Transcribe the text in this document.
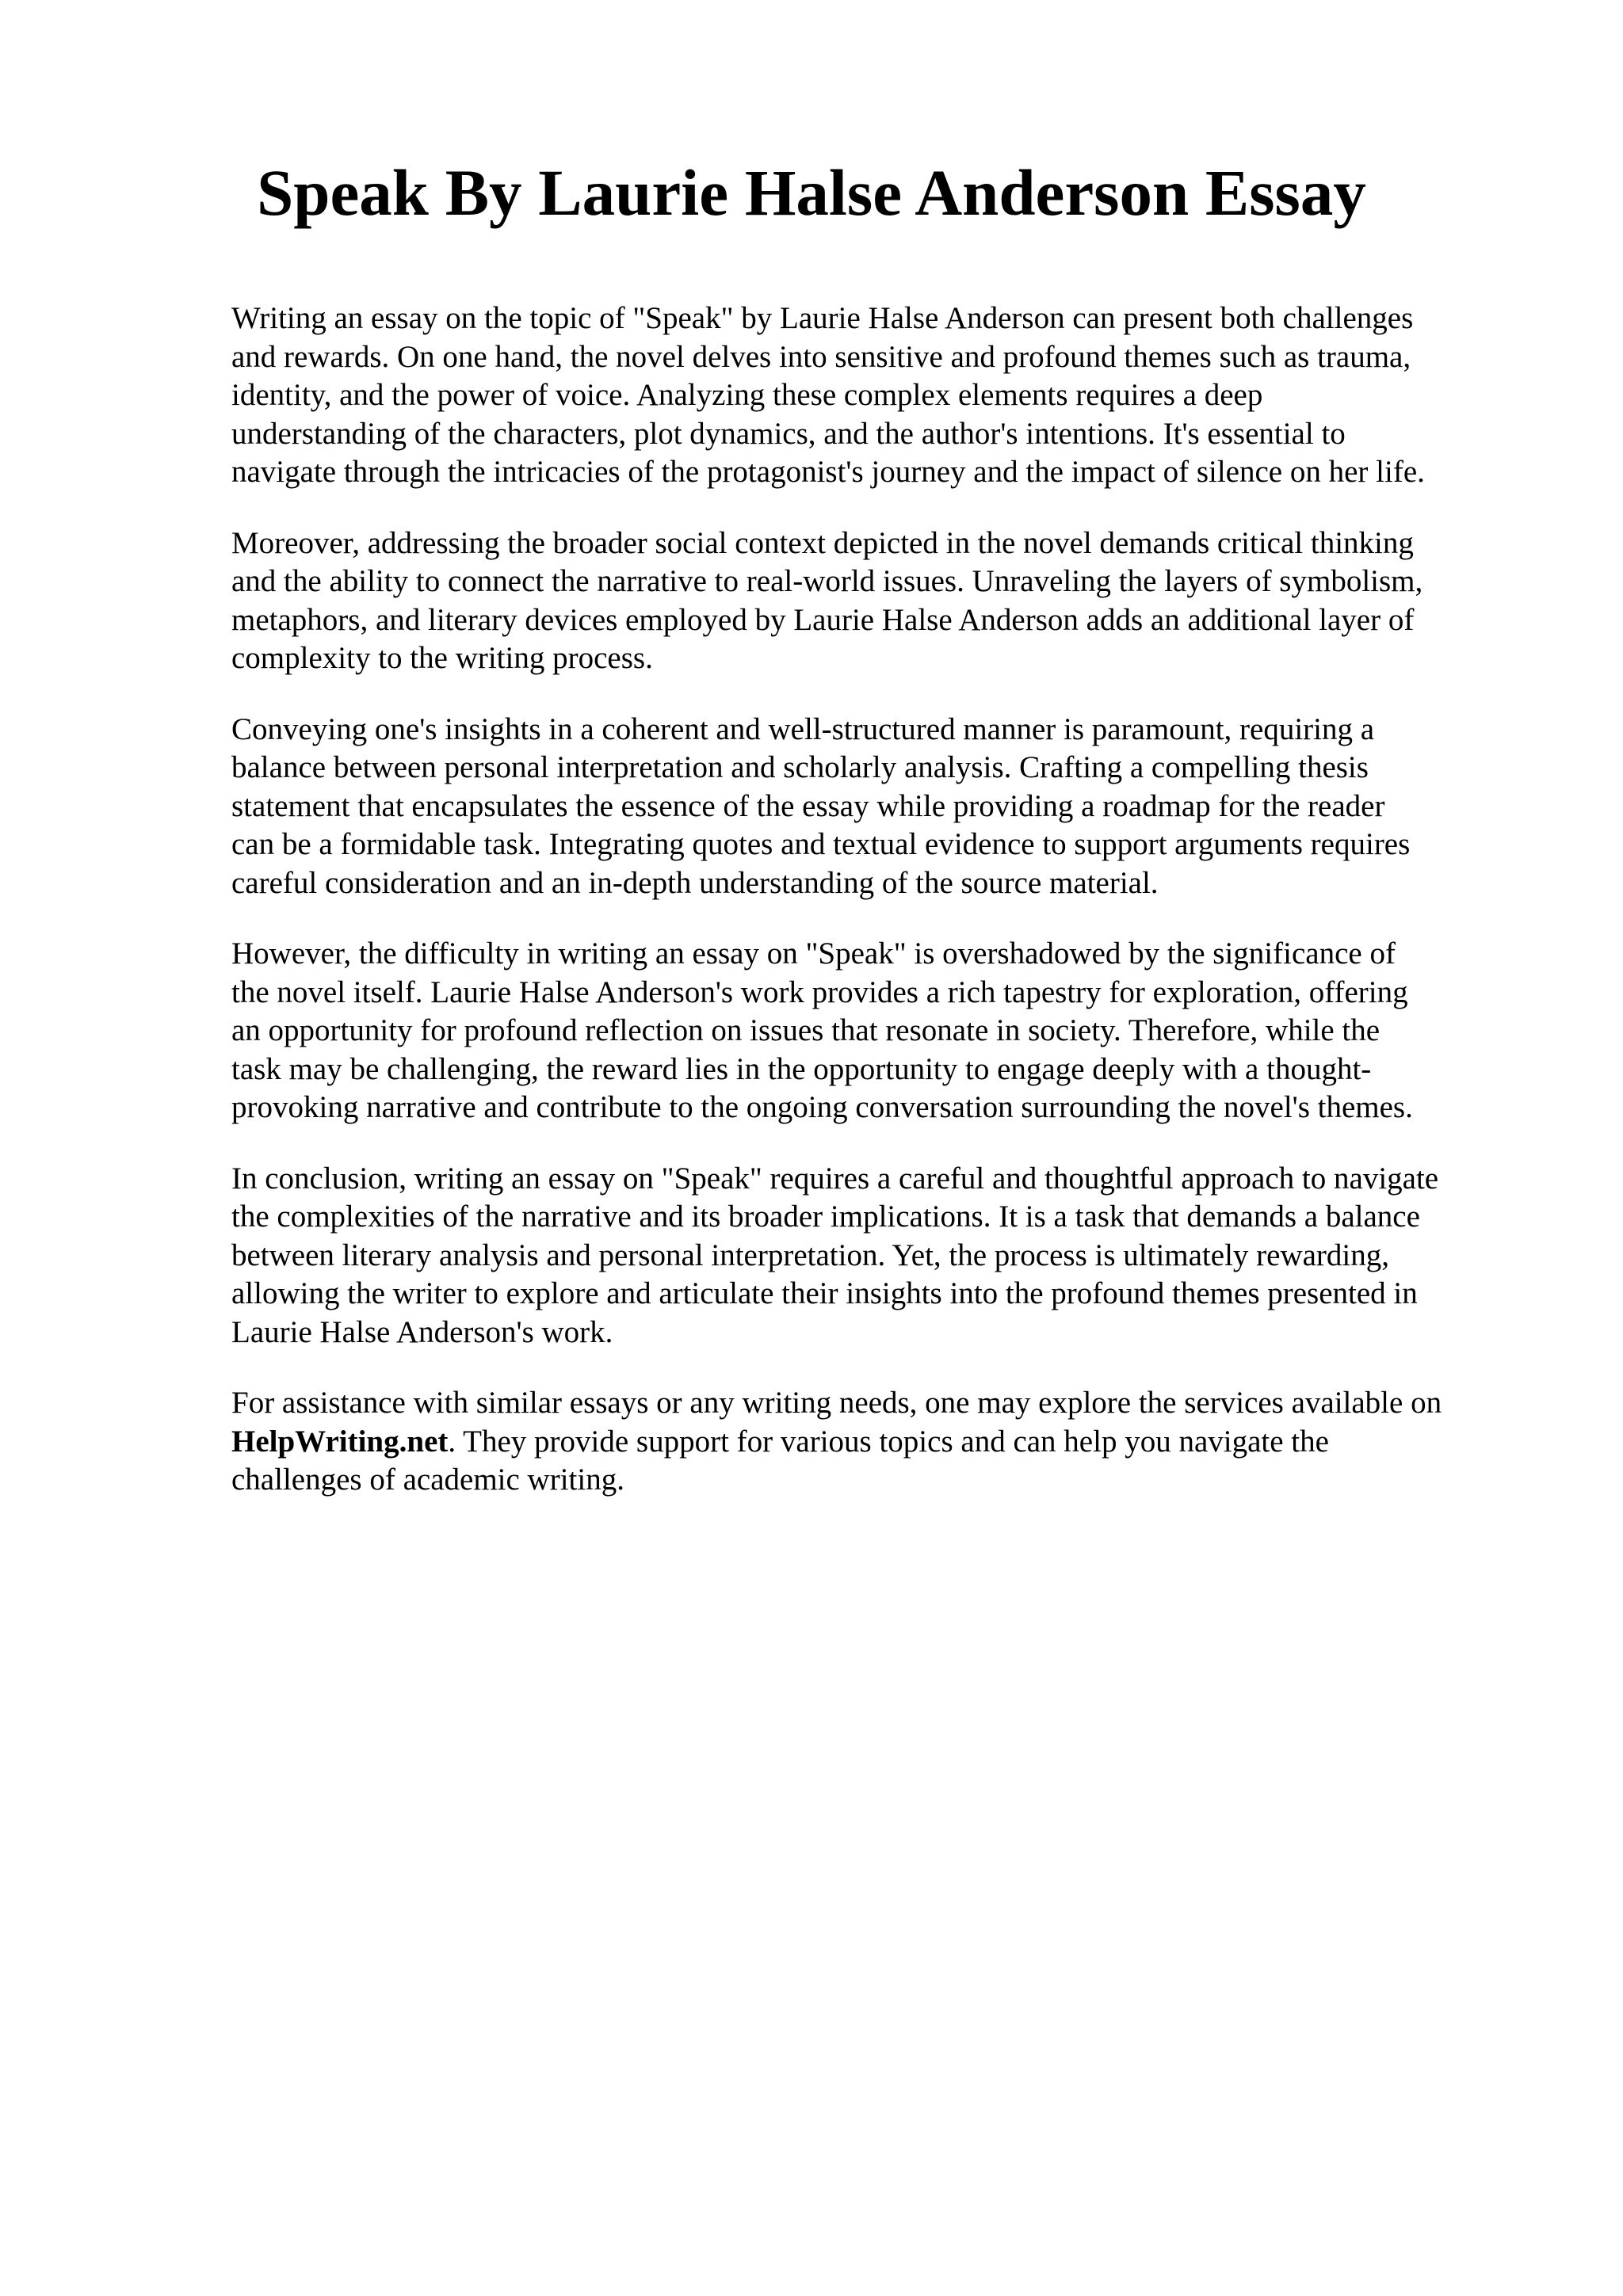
Speak By Laurie Halse Anderson Essay

Writing an essay on the topic of "Speak" by Laurie Halse Anderson can present both challenges
and rewards. On one hand, the novel delves into sensitive and profound themes such as trauma,
identity, and the power of voice. Analyzing these complex elements requires a deep
understanding of the characters, plot dynamics, and the author's intentions. It's essential to
navigate through the intricacies of the protagonist's journey and the impact of silence on her life.

Moreover, addressing the broader social context depicted in the novel demands critical thinking
and the ability to connect the narrative to real-world issues. Unraveling the layers of symbolism,
metaphors, and literary devices employed by Laurie Halse Anderson adds an additional layer of
complexity to the writing process.

Conveying one's insights in a coherent and well-structured manner is paramount, requiring a
balance between personal interpretation and scholarly analysis. Crafting a compelling thesis
statement that encapsulates the essence of the essay while providing a roadmap for the reader
can be a formidable task. Integrating quotes and textual evidence to support arguments requires
careful consideration and an in-depth understanding of the source material.

However, the difficulty in writing an essay on "Speak" is overshadowed by the significance of
the novel itself. Laurie Halse Anderson's work provides a rich tapestry for exploration, offering
an opportunity for profound reflection on issues that resonate in society. Therefore, while the
task may be challenging, the reward lies in the opportunity to engage deeply with a thought-
provoking narrative and contribute to the ongoing conversation surrounding the novel's themes.

In conclusion, writing an essay on "Speak" requires a careful and thoughtful approach to navigate
the complexities of the narrative and its broader implications. It is a task that demands a balance
between literary analysis and personal interpretation. Yet, the process is ultimately rewarding,
allowing the writer to explore and articulate their insights into the profound themes presented in
Laurie Halse Anderson's work.

For assistance with similar essays or any writing needs, one may explore the services available on
HelpWriting.net. They provide support for various topics and can help you navigate the
challenges of academic writing.
